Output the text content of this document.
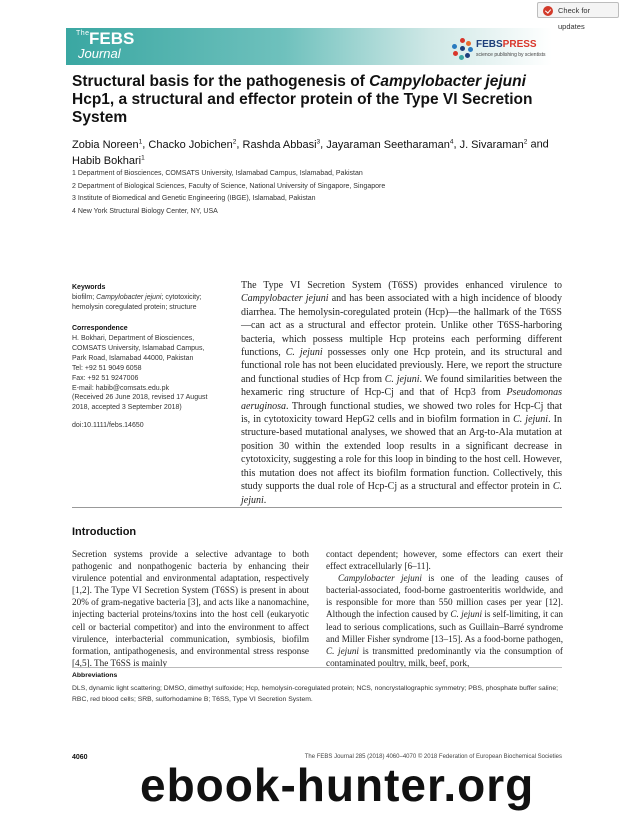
Check for updates
The FEBS
Journal
FEBSPRESS
science publishing by scientists
Structural basis for the pathogenesis of Campylobacter jejuni Hcp1, a structural and effector protein of the Type VI Secretion System
Zobia Noreen$^1$, Chacko Jobichen$^2$, Rashda Abbasi$^3$, Jayaraman Seetharaman$^4$, J. Sivaraman$^2$ and Habib Bokhari$^1$
1 Department of Biosciences, COMSATS University, Islamabad Campus, Islamabad, Pakistan
2 Department of Biological Sciences, Faculty of Science, National University of Singapore, Singapore
3 Institute of Biomedical and Genetic Engineering (IBGE), Islamabad, Pakistan
4 New York Structural Biology Center, NY, USA
Keywords
biofilm; Campylobacter jejuni; cytotoxicity;
hemolysin coregulated protein; structure
Correspondence
H. Bokhari, Department of Biosciences,
COMSATS University, Islamabad Campus,
Park Road, Islamabad 44000, Pakistan
Tel: +92 51 9049 6058
Fax: +92 51 9247006
E-mail: habib@comsats.edu.pk
(Received 26 June 2018, revised 17 August
2018, accepted 3 September 2018)
doi:10.1111/febs.14650
The Type VI Secretion System (T6SS) provides enhanced virulence to Campylobacter jejuni and has been associated with a high incidence of bloody diarrhea. The hemolysin-coregulated protein (Hcp)—the hallmark of the T6SS—can act as a structural and effector protein. Unlike other T6SS-harboring bacteria, which possess multiple Hcp proteins each performing different functions, C. jejuni possesses only one Hcp protein, and its structural and functional role has not been elucidated previously. Here, we report the structure and functional studies of Hcp from C. jejuni. We found similarities between the hexameric ring structure of Hcp-Cj and that of Hcp3 from Pseudomonas aeruginosa. Through functional studies, we showed two roles for Hcp-Cj that is, in cytotoxicity toward HepG2 cells and in biofilm formation in C. jejuni. In structure-based mutational analyses, we showed that an Arg-to-Ala mutation at position 30 within the extended loop results in a significant decrease in cytotoxicity, suggesting a role for this loop in binding to the host cell. However, this mutation does not affect its biofilm formation function. Collectively, this study supports the dual role of Hcp-Cj as a structural and effector protein in C. jejuni.
Introduction
Secretion systems provide a selective advantage to both pathogenic and nonpathogenic bacteria by enhancing their virulence potential and environmental adaptation, respectively [1,2]. The Type VI Secretion System (T6SS) is present in about 20% of gram-negative bacteria [3], and acts like a nanomachine, injecting bacterial proteins/toxins into the host cell (eukaryotic cell or bacterial competitor) and into the environment to affect virulence, interbacterial communication, symbiosis, biofilm formation, antipathogenesis, and environmental stress response [4,5]. The T6SS is mainly
contact dependent; however, some effectors can exert their effect extracellularly [6–11].
Campylobacter jejuni is one of the leading causes of bacterial-associated, food-borne gastroenteritis worldwide, and is responsible for more than 550 million cases per year [12]. Although the infection caused by C. jejuni is self-limiting, it can lead to serious complications, such as Guillain–Barré syndrome and Miller Fisher syndrome [13–15]. As a food-borne pathogen, C. jejuni is transmitted predominantly via the consumption of contaminated poultry, milk, beef, pork,
Abbreviations
DLS, dynamic light scattering; DMSO, dimethyl sulfoxide; Hcp, hemolysin-coregulated protein; NCS, noncrystallographic symmetry; PBS, phosphate buffer saline; RBC, red blood cells; SRB, sulforhodamine B; T6SS, Type VI Secretion System.
4060	The FEBS Journal 285 (2018) 4060–4070 © 2018 Federation of European Biochemical Societies
ebook-hunter.org
